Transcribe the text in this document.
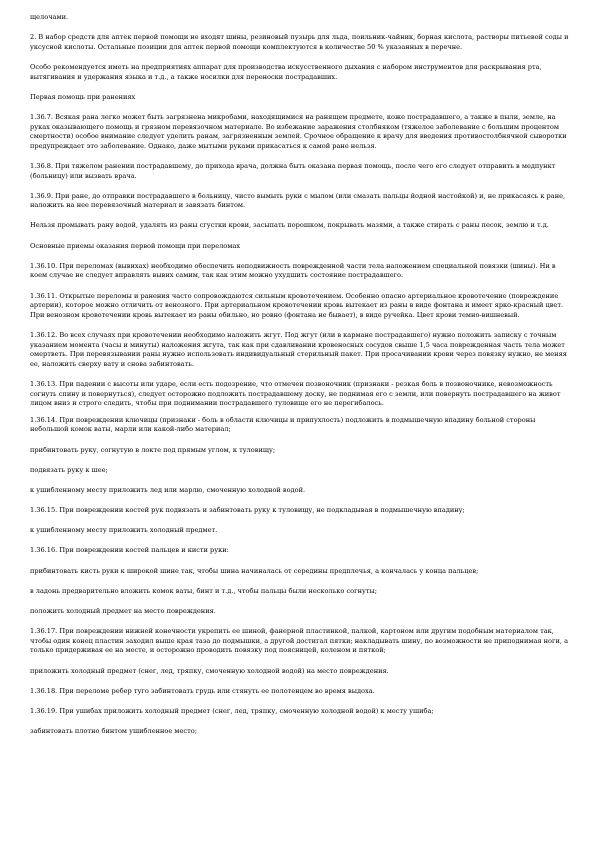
щелочами.

2. В набор средств для аптек первой помощи не входят шины, резиновый пузырь для льда, поильник-чайник, борная кислота, растворы питьевой соды и уксусной кислоты. Остальные позиции для аптек первой помощи комплектуются в количестве 50 % указанных в перечне.

Особо рекомендуется иметь на предприятиях аппарат для производства искусственного дыхания с набором инструментов для раскрывания рта, вытягивания и удержания языка и т.д., а также носилки для переноски пострадавших.

Первая помощь при ранениях

1.36.7. Всякая рана легко может быть загрязнена микробами, находящимися на ранящем предмете, коже пострадавшего, а также в пыли, земле, на руках оказывающего помощь и грязном перевязочном материале. Во избежание заражения столбняком (тяжелое заболевание с большим процентом смертности) особое внимание следует уделить ранам, загрязненным землей. Срочное обращение к врачу для введения противостолбнячной сыворотки предупреждает это заболевание. Однако, даже мытыми руками прикасаться к самой ране нельзя.

1.36.8. При тяжелом ранении пострадавшему, до прихода врача, должна быть оказана первая помощь, после чего его следует отправить в медпункт (больницу) или вызвать врача.

1.36.9. При ране, до отправки пострадавшего в больницу, чисто вымыть руки с мылом (или смазать пальцы йодной настойкой) и, не прикасаясь к ране, наложить на нее перевязочный материал и завязать бинтом.

Нельзя промывать рану водой, удалять из раны сгустки крови, засыпать порошком, покрывать мазями, а также стирать с раны песок, землю и т.д.

Основные приемы оказания первой помощи при переломах

1.36.10. При переломах (вывихах) необходимо обеспечить неподвижность поврежденной части тела наложением специальной повязки (шины). Ни в коем случае не следует вправлять вывих самим, так как этим можно ухудшить состояние пострадавшего.

1.36.11. Открытые переломы и ранения часто сопровождаются сильным кровотечением. Особенно опасно артериальное кровотечение (повреждение артерии), которое можно отличить от венозного. При артериальном кровотечении кровь вытекает из раны в виде фонтана и имеет ярко-красный цвет. При венозном кровотечении кровь вытекает из раны обильно, но ровно (фонтана не бывает), в виде ручейка. Цвет крови темно-вишневый.

1.36.12. Во всех случаях при кровотечении необходимо наложить жгут. Под жгут (или в кармане пострадавшего) нужно положить записку с точным указанием момента (часы и минуты) наложения жгута, так как при сдавливании кровеносных сосудов свыше 1,5 часа поврежденная часть тела может омертветь. При перевязывании раны нужно использовать индивидуальный стерильный пакет. При просачивании крови через повязку нужно, не меняя ее, наложить сверху вату и снова забинтовать.

1.36.13. При падении с высоты или ударе, если есть подозрение, что отмечен позвоночник (признаки - резкая боль в позвоночнике, невозможность согнуть спину и повернуться), следует осторожно подложить пострадавшему доску, не поднимая его с земли, или повернуть пострадавшего на живот лицом вниз и строго следить, чтобы при поднимании пострадавшего туловище его не перегибалось.

1.36.14. При повреждении ключицы (признаки - боль в области ключицы и припухлость) подложить в подмышечную впадину больной стороны небольшой комок ваты, марли или какой-либо материал;

прибинтовать руку, согнутую в локте под прямым углом, к туловищу;

подвязать руку к шее;

к ушибленному месту приложить лед или марлю, смоченную холодной водой.

1.36.15. При повреждении костей рук подвязать и забинтовать руку к туловищу, не подкладывая в подмышечную впадину;

к ушибленному месту приложить холодный предмет.

1.36.16. При повреждении костей пальцев и кисти руки:

прибинтовать кисть руки к широкой шине так, чтобы шина начиналась от середины предплечья, а кончалась у конца пальцев;

в ладонь предварительно вложить комок ваты, бинт и т.д., чтобы пальцы были несколько согнуты;

положить холодный предмет на место повреждения.

1.36.17. При повреждении нижней конечности укрепить ее шиной, фанерной пластинкой, палкой, картоном или другим подобным материалом так, чтобы один конец пластин заходил выше края таза до подмышки, а другой достигал пятки; накладывать шину, по возможности не приподнимая ноги, а только придерживая ее на месте, и осторожно проводить повязку под поясницей, коленом и пяткой;

приложить холодный предмет (снег, лед, тряпку, смоченную холодной водой) на место повреждения.

1.36.18. При переломе ребер туго забинтовать грудь или стянуть ее полотенцем во время выдоха.

1.36.19. При ушибах приложить холодный предмет (снег, лед, тряпку, смоченную холодной водой) к месту ушиба;

забинтовать плотно бинтом ушибленное место;
